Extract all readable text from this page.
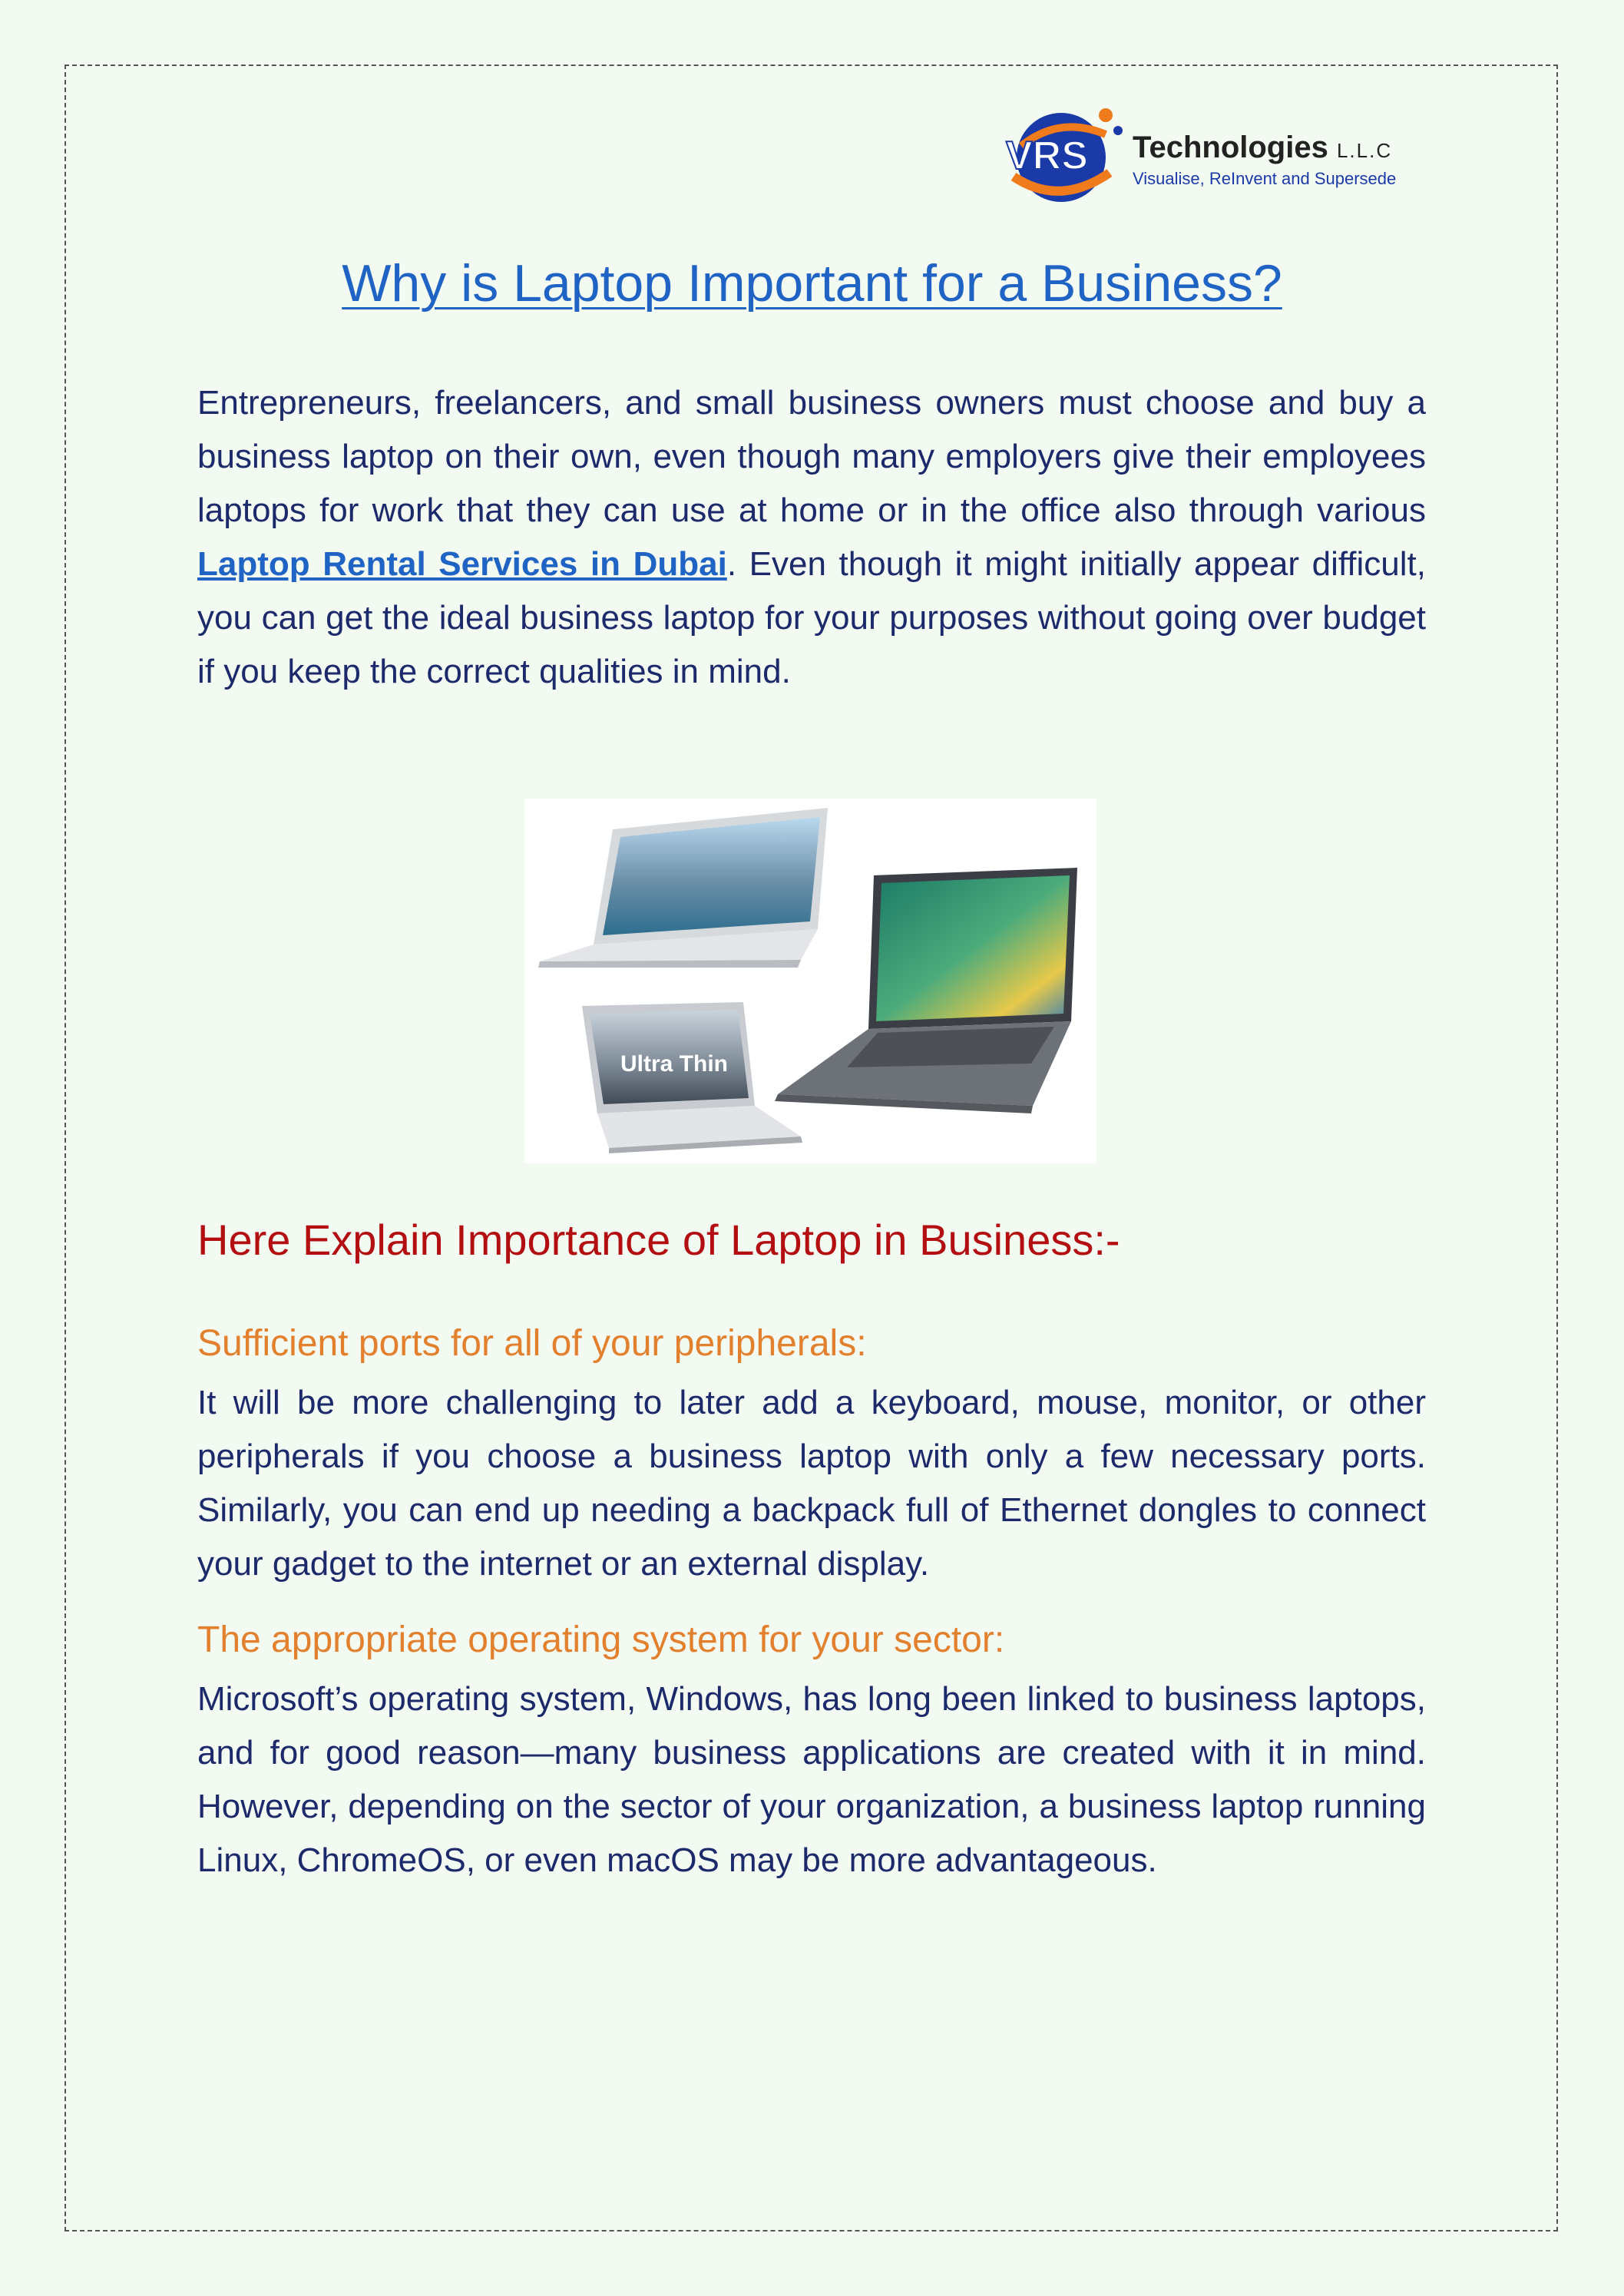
VRS Technologies L.L.C
Visualise, ReInvent and Supersede
Why is Laptop Important for a Business?

Entrepreneurs, freelancers, and small business owners must choose and buy a business laptop on their own, even though many employers give their employees laptops for work that they can use at home or in the office also through various Laptop Rental Services in Dubai. Even though it might initially appear difficult, you can get the ideal business laptop for your purposes without going over budget if you keep the correct qualities in mind.

Ultra Thin
Here Explain Importance of Laptop in Business:-
Sufficient ports for all of your peripherals:

It will be more challenging to later add a keyboard, mouse, monitor, or other peripherals if you choose a business laptop with only a few necessary ports. Similarly, you can end up needing a backpack full of Ethernet dongles to connect your gadget to the internet or an external display.

The appropriate operating system for your sector:

Microsoft’s operating system, Windows, has long been linked to business laptops, and for good reason—many business applications are created with it in mind. However, depending on the sector of your organization, a business laptop running Linux, ChromeOS, or even macOS may be more advantageous.
